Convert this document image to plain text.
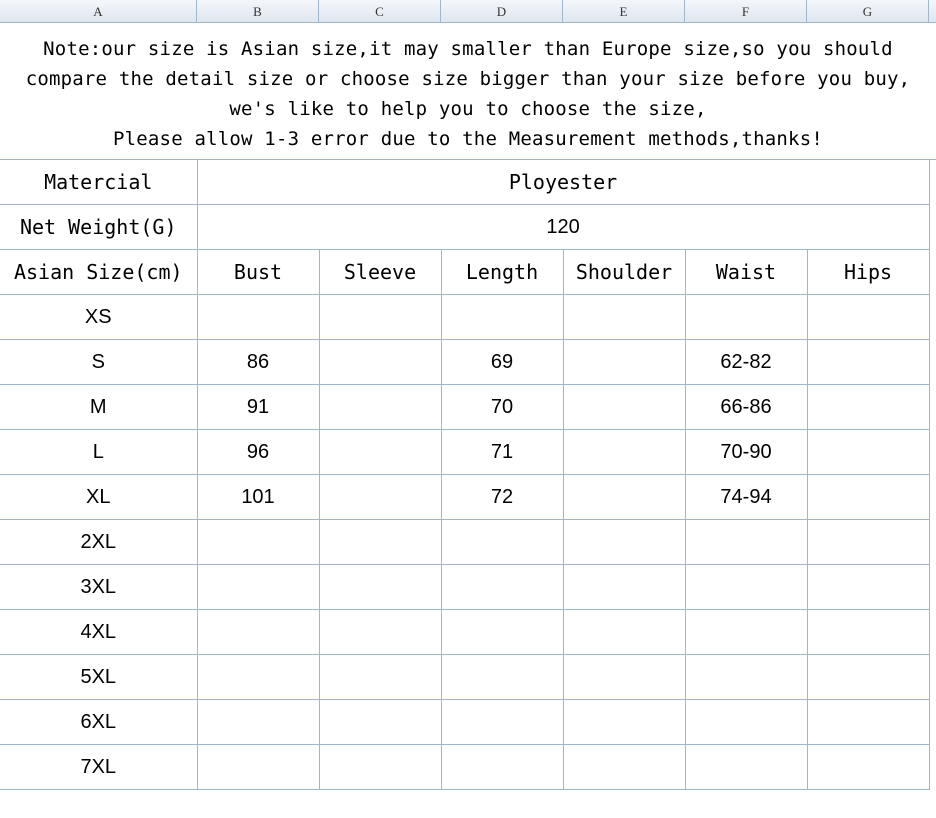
A	B	C	D	E	F	G
Note:our size is Asian size,it may smaller than Europe size,so you should
compare the detail size or choose size bigger than your size before you buy,
we's like to help you to choose the size,
Please allow 1-3 error due to the Measurement methods,thanks!
Matercial	Ployester					
Net Weight(G)	120					
Asian Size(cm)	Bust	Sleeve	Length	Shoulder	Waist	Hips
XS						
S	86		69		62-82	
M	91		70		66-86	
L	96		71		70-90	
XL	101		72		74-94	
2XL						
3XL						
4XL						
5XL						
6XL						
7XL						
